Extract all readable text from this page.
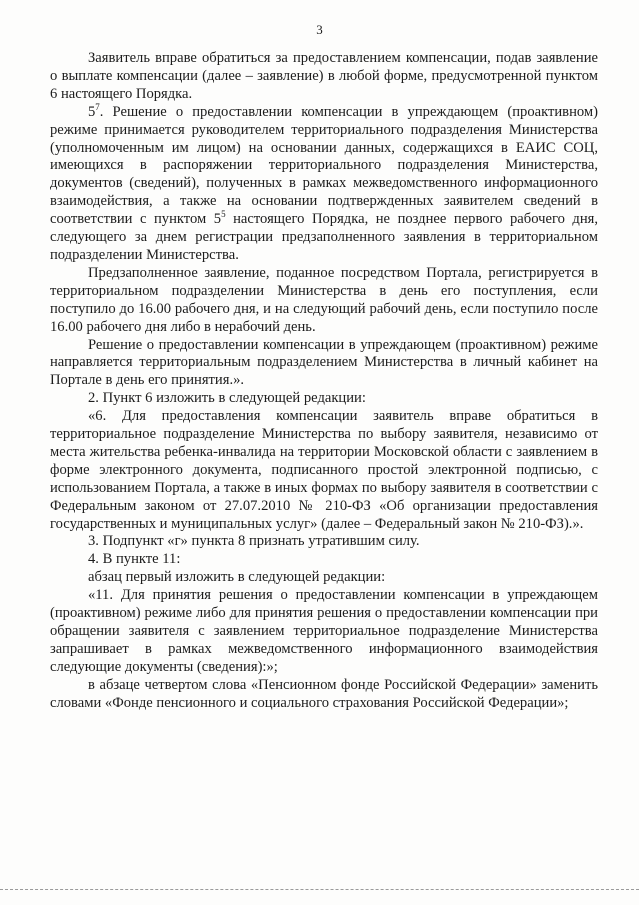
3

Заявитель вправе обратиться за предоставлением компенсации, подав заявление о выплате компенсации (далее – заявление) в любой форме, предусмотренной пунктом 6 настоящего Порядка.

$5^7$. Решение о предоставлении компенсации в упреждающем (проактивном) режиме принимается руководителем территориального подразделения Министерства (уполномоченным им лицом) на основании данных, содержащихся в ЕАИС СОЦ, имеющихся в распоряжении территориального подразделения Министерства, документов (сведений), полученных в рамках межведомственного информационного взаимодействия, а также на основании подтвержденных заявителем сведений в соответствии с пунктом $5^5$ настоящего Порядка, не позднее первого рабочего дня, следующего за днем регистрации предзаполненного заявления в территориальном подразделении Министерства.

Предзаполненное заявление, поданное посредством Портала, регистрируется в территориальном подразделении Министерства в день его поступления, если поступило до 16.00 рабочего дня, и на следующий рабочий день, если поступило после 16.00 рабочего дня либо в нерабочий день.

Решение о предоставлении компенсации в упреждающем (проактивном) режиме направляется территориальным подразделением Министерства в личный кабинет на Портале в день его принятия.».

2. Пункт 6 изложить в следующей редакции:

«6. Для предоставления компенсации заявитель вправе обратиться в территориальное подразделение Министерства по выбору заявителя, независимо от места жительства ребенка-инвалида на территории Московской области с заявлением в форме электронного документа, подписанного простой электронной подписью, с использованием Портала, а также в иных формах по выбору заявителя в соответствии с Федеральным законом от 27.07.2010 № 210-ФЗ «Об организации предоставления государственных и муниципальных услуг» (далее – Федеральный закон № 210-ФЗ).».

3. Подпункт «г» пункта 8 признать утратившим силу.

4. В пункте 11:

абзац первый изложить в следующей редакции:

«11. Для принятия решения о предоставлении компенсации в упреждающем (проактивном) режиме либо для принятия решения о предоставлении компенсации при обращении заявителя с заявлением территориальное подразделение Министерства запрашивает в рамках межведомственного информационного взаимодействия следующие документы (сведения):»;

в абзаце четвертом слова «Пенсионном фонде Российской Федерации» заменить словами «Фонде пенсионного и социального страхования Российской Федерации»;
